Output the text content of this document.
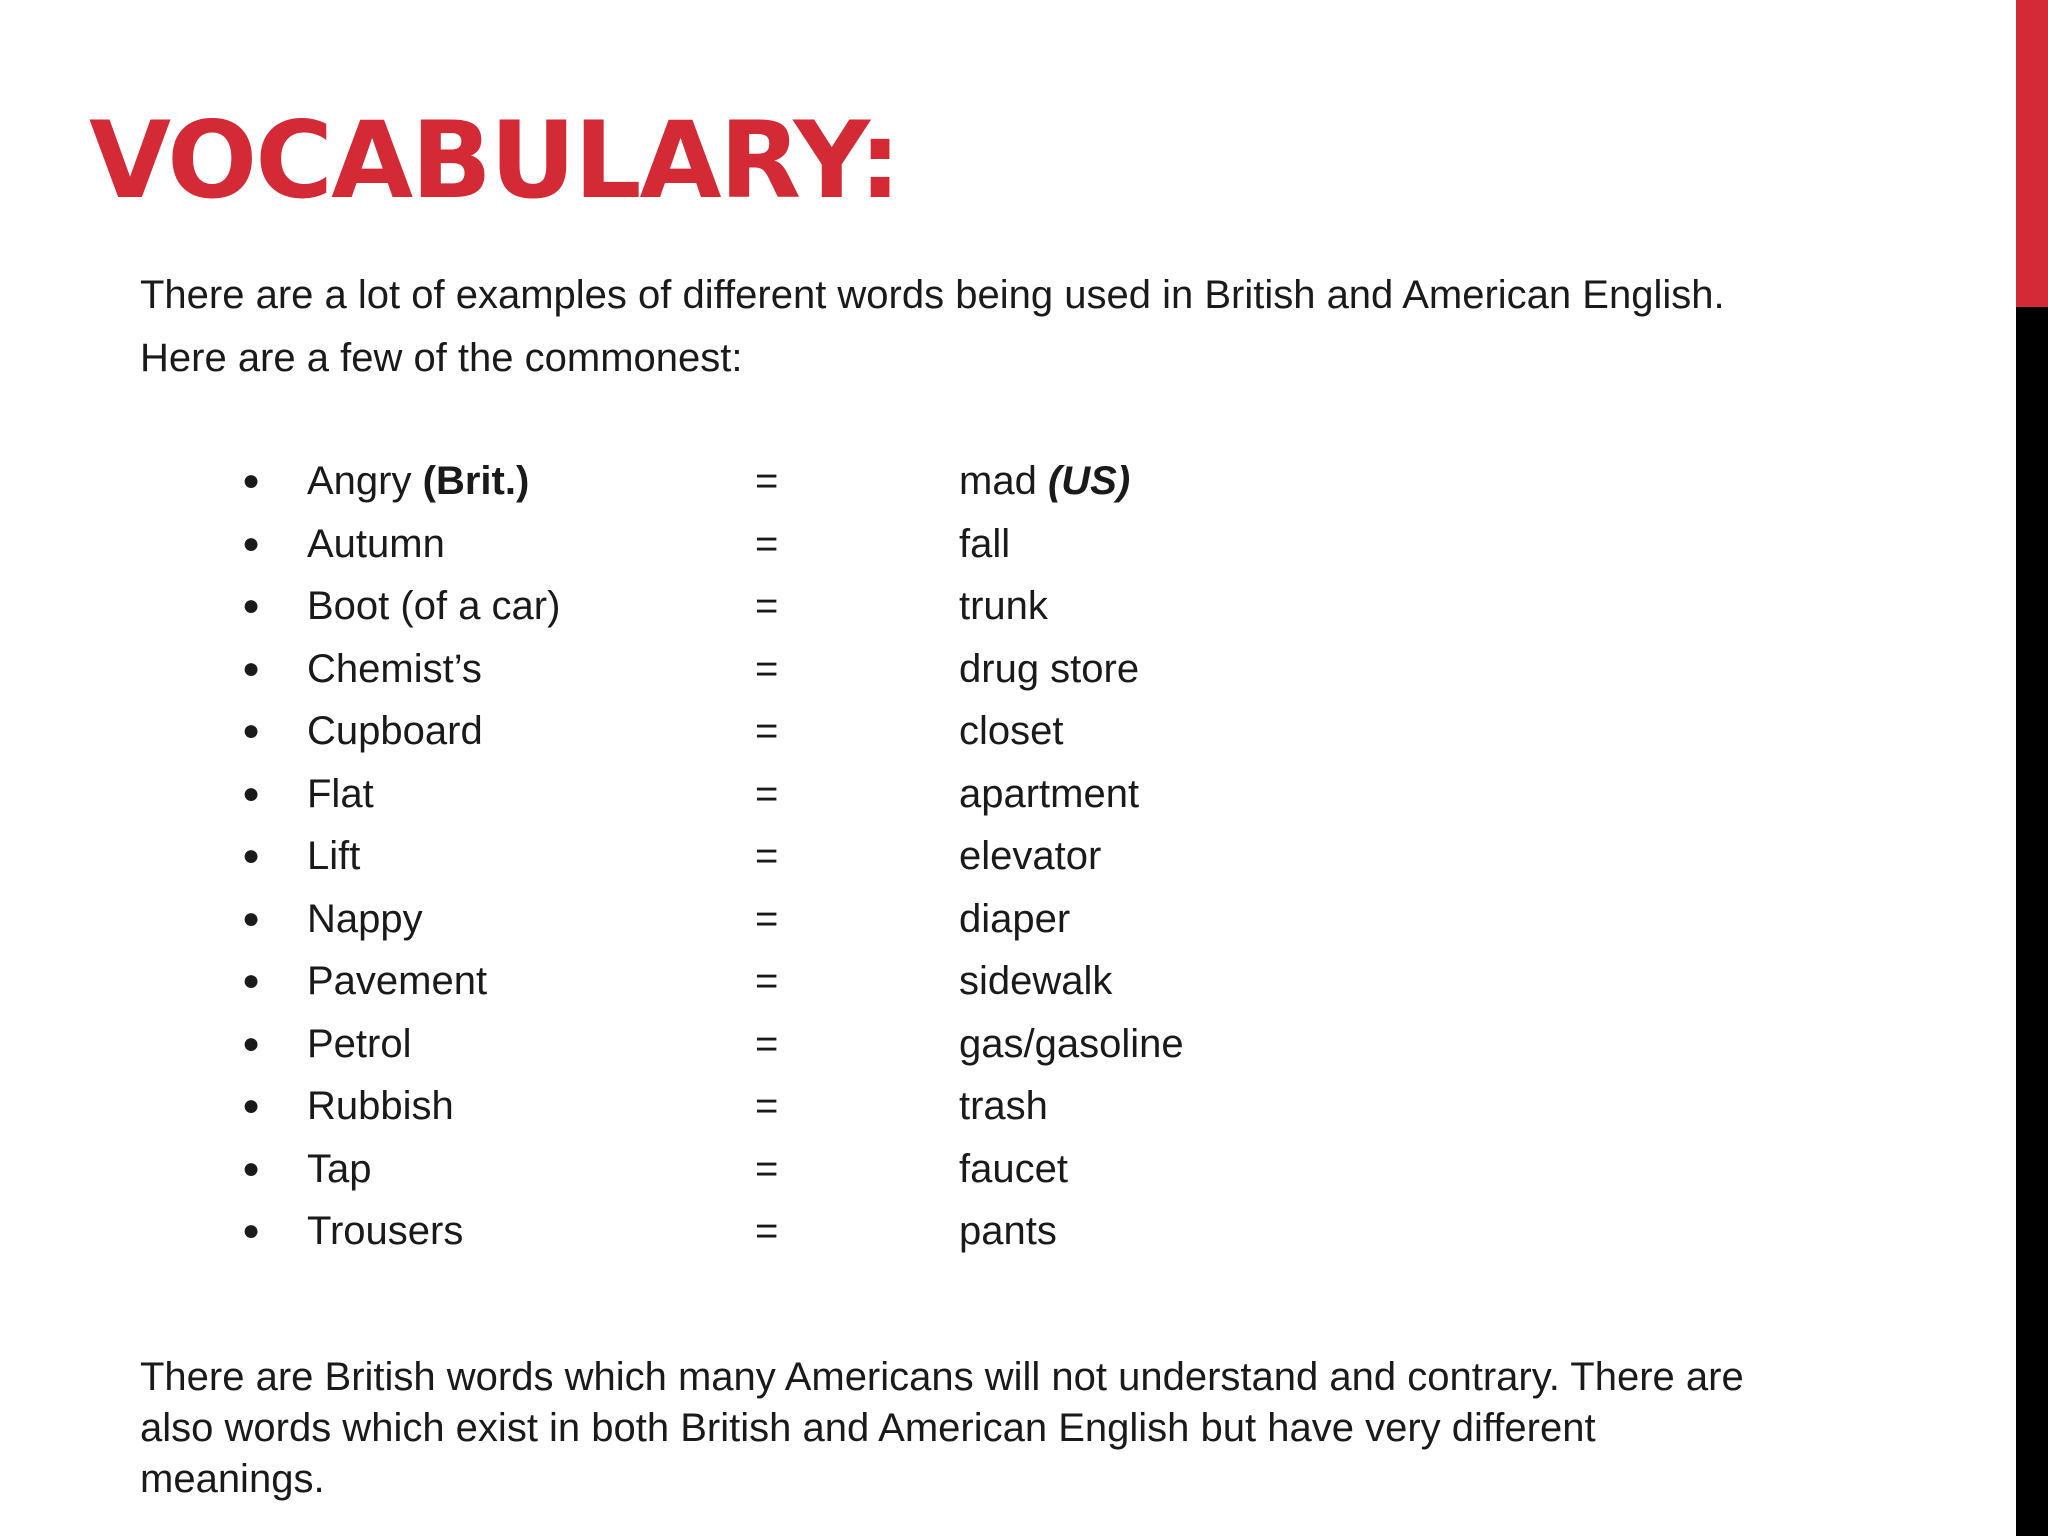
VOCABULARY:

There are a lot of examples of different words being used in British and American English.
Here are a few of the commonest:

● Angry (Brit.)	=	mad (US)
● Autumn	=	fall
● Boot (of a car)	=	trunk
● Chemist’s	=	drug store
● Cupboard	=	closet
● Flat	=	apartment
● Lift	=	elevator
● Nappy	=	diaper
● Pavement	=	sidewalk
● Petrol	=	gas/gasoline
● Rubbish	=	trash
● Tap	=	faucet
● Trousers	=	pants

There are British words which many Americans will not understand and contrary. There are
also words which exist in both British and American English but have very different
meanings.
